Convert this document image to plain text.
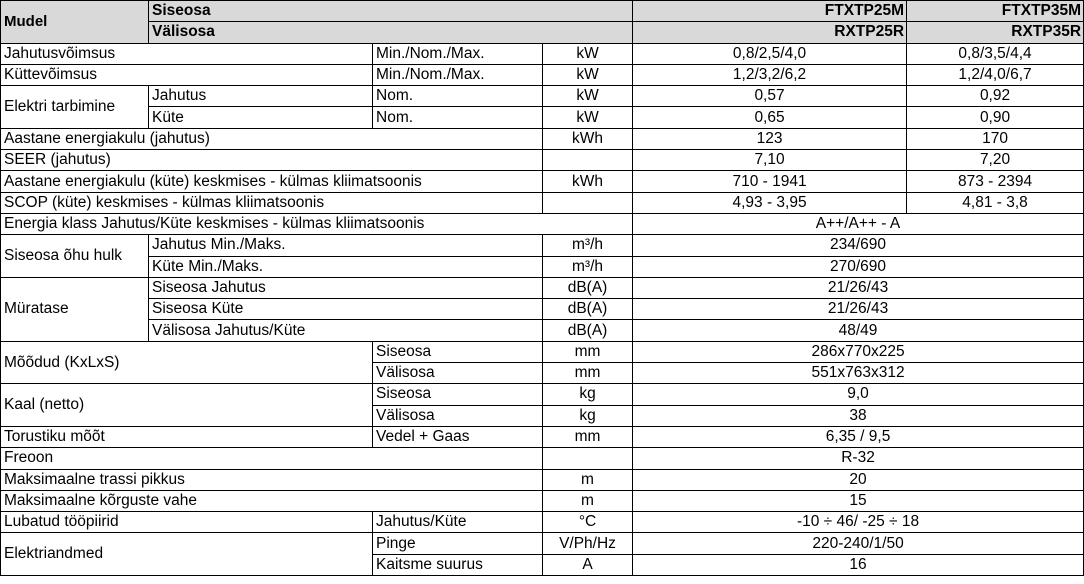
Mudel	Siseosa			FTXTP25M	FTXTP35M
	Välisosa			RXTP25R	RXTP35R
Jahutusvõimsus		Min./Nom./Max.	kW	0,8/2,5/4,0	0,8/3,5/4,4
Küttevõimsus		Min./Nom./Max.	kW	1,2/3,2/6,2	1,2/4,0/6,7
Elektri tarbimine	Jahutus	Nom.	kW	0,57	0,92
	Küte	Nom.	kW	0,65	0,90
Aastane energiakulu (jahutus)			kWh	123	170
SEER (jahutus)				7,10	7,20
Aastane energiakulu (küte) keskmises - külmas kliimatsoonis			kWh	710 - 1941	873 - 2394
SCOP (küte) keskmises - külmas kliimatsoonis				4,93 - 3,95	4,81 - 3,8
Energia klass Jahutus/Küte keskmises - külmas kliimatsoonis				A++/A++ - A	
Siseosa õhu hulk	Jahutus Min./Maks.		m³/h	234/690	
	Küte Min./Maks.		m³/h	270/690	
Müratase	Siseosa Jahutus		dB(A)	21/26/43	
	Siseosa Küte		dB(A)	21/26/43	
	Välisosa Jahutus/Küte		dB(A)	48/49	
Mõõdud (KxLxS)		Siseosa	mm	286x770x225	
		Välisosa	mm	551x763x312	
Kaal (netto)		Siseosa	kg	9,0	
		Välisosa	kg	38	
Torustiku mõõt		Vedel + Gaas	mm	6,35 / 9,5	
Freoon				R-32	
Maksimaalne trassi pikkus			m	20	
Maksimaalne kõrguste vahe			m	15	
Lubatud tööpiirid		Jahutus/Küte	°C	-10 ÷ 46/ -25 ÷ 18	
Elektriandmed		Pinge	V/Ph/Hz	220-240/1/50	
		Kaitsme suurus	A	16	
